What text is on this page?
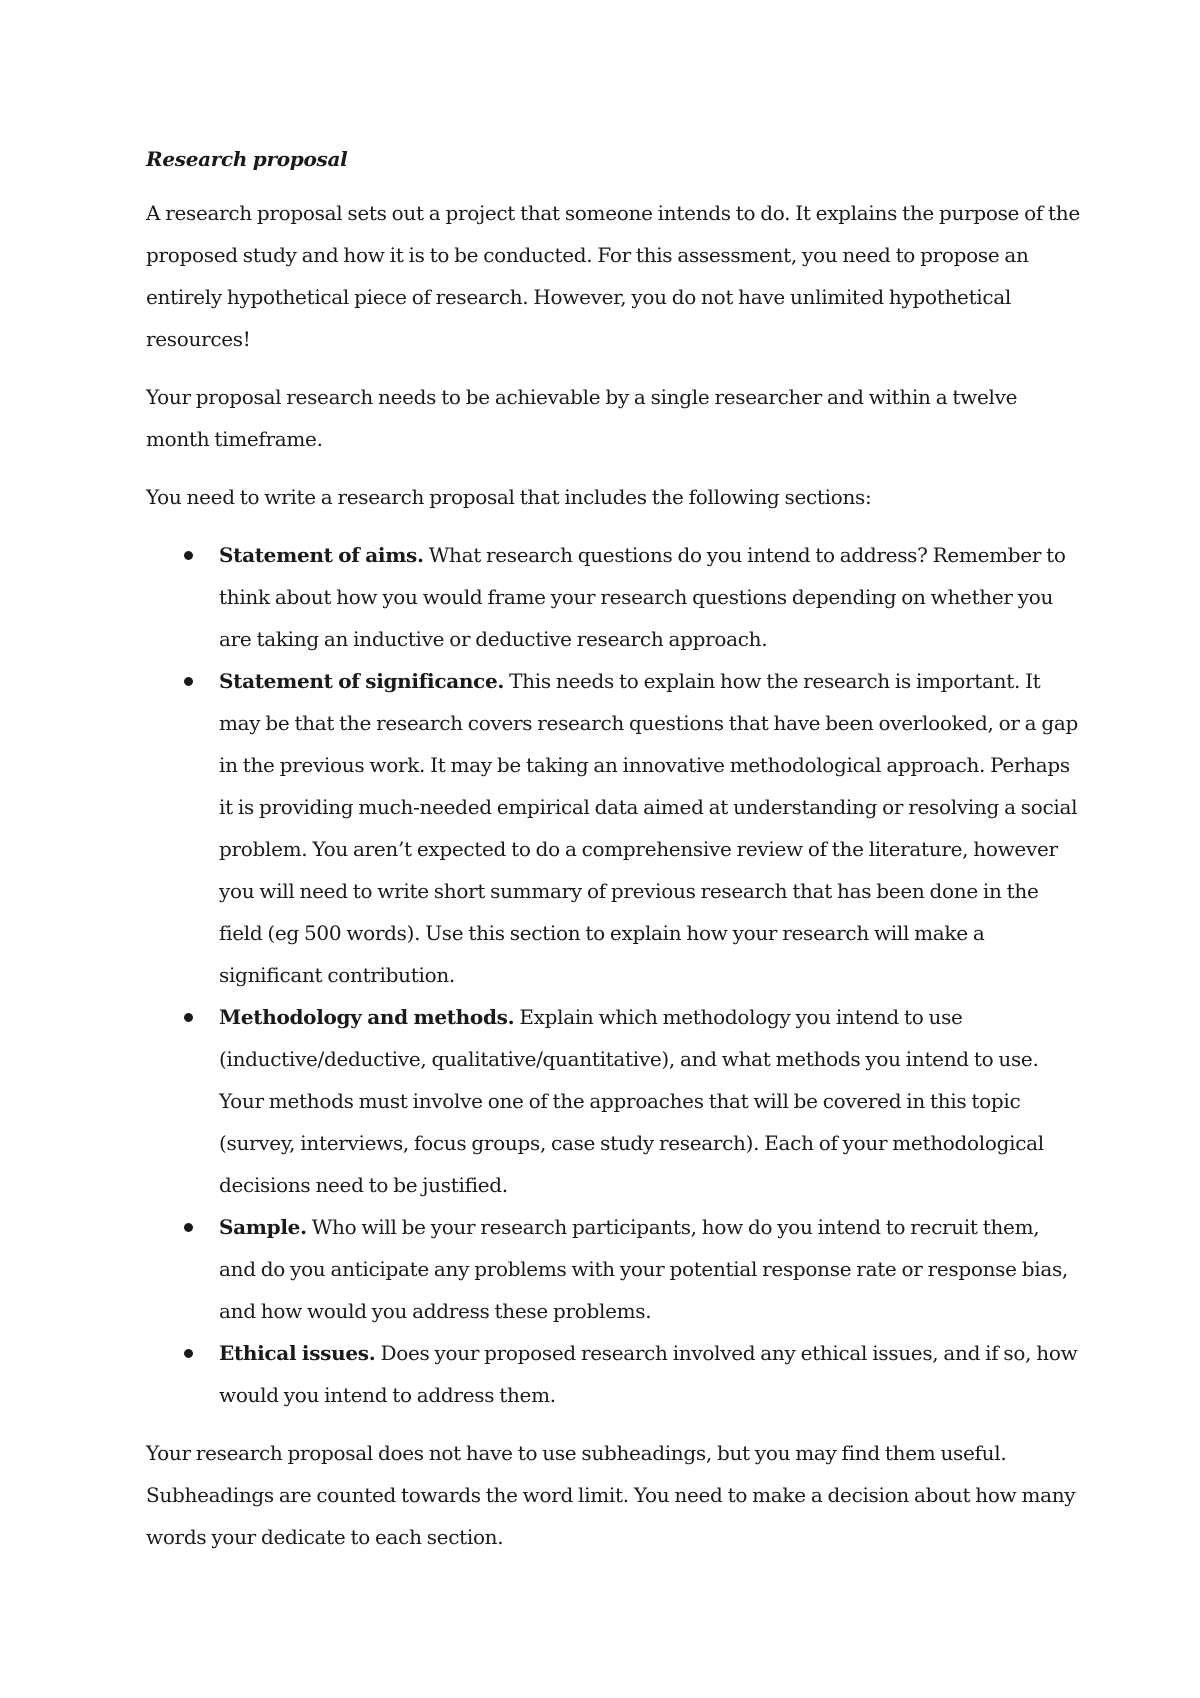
Research proposal

A research proposal sets out a project that someone intends to do. It explains the purpose of the proposed study and how it is to be conducted. For this assessment, you need to propose an entirely hypothetical piece of research. However, you do not have unlimited hypothetical resources!

Your proposal research needs to be achievable by a single researcher and within a twelve month timeframe.

You need to write a research proposal that includes the following sections:

Statement of aims. What research questions do you intend to address? Remember to think about how you would frame your research questions depending on whether you are taking an inductive or deductive research approach.
Statement of significance. This needs to explain how the research is important. It may be that the research covers research questions that have been overlooked, or a gap in the previous work. It may be taking an innovative methodological approach. Perhaps it is providing much-needed empirical data aimed at understanding or resolving a social problem. You aren’t expected to do a comprehensive review of the literature, however you will need to write short summary of previous research that has been done in the field (eg 500 words). Use this section to explain how your research will make a significant contribution.
Methodology and methods. Explain which methodology you intend to use (inductive/deductive, qualitative/quantitative), and what methods you intend to use. Your methods must involve one of the approaches that will be covered in this topic (survey, interviews, focus groups, case study research). Each of your methodological decisions need to be justified.
Sample. Who will be your research participants, how do you intend to recruit them, and do you anticipate any problems with your potential response rate or response bias, and how would you address these problems.
Ethical issues. Does your proposed research involved any ethical issues, and if so, how would you intend to address them.

Your research proposal does not have to use subheadings, but you may find them useful. Subheadings are counted towards the word limit. You need to make a decision about how many words your dedicate to each section.
